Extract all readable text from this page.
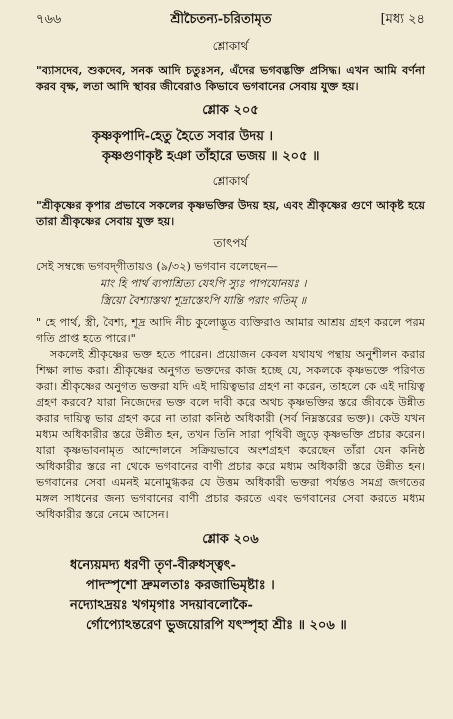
৭৬৬	শ্রীচৈতন্য-চরিতামৃত	[মধ্য ২৪
শ্লোকার্থ
"ব্যাসদেব, শুকদেব, সনক আদি চতুঃসন, এঁদের ভগবদ্ভক্তি প্রসিদ্ধ। এখন আমি বর্ণনা করব বৃক্ষ, লতা আদি স্থাবর জীবেরাও কিভাবে ভগবানের সেবায় যুক্ত হয়।
শ্লোক ২০৫
কৃষ্ণকৃপাদি-হেতু হৈতে সবার উদয় ।
কৃষ্ণগুণাকৃষ্ট হঞা তাঁহারে ভজয় ॥ ২০৫ ॥
শ্লোকার্থ
"শ্রীকৃষ্ণের কৃপার প্রভাবে সকলের কৃষ্ণভক্তির উদয় হয়, এবং শ্রীকৃষ্ণের গুণে আকৃষ্ট হয়ে তারা শ্রীকৃষ্ণের সেবায় যুক্ত হয়।
তাৎপর্য
সেই সম্বন্ধে ভগবদ্‌গীতায়ও (৯/৩২) ভগবান বলেছেন—
মাং হি পার্থ ব্যপাশ্রিত্য যেঽপি স্যুঃ পাপযোনয়ঃ ।
স্ত্রিয়ো বৈশ্যাস্তথা শূদ্রাস্তেঽপি যান্তি পরাং গতিম্ ॥
" হে পার্থ, স্ত্রী, বৈশ্য, শূদ্র আদি নীচ কুলোদ্ভূত ব্যক্তিরাও আমার আশ্রয় গ্রহণ করলে পরম গতি প্রাপ্ত হতে পারে।"
সকলেই শ্রীকৃষ্ণের ভক্ত হতে পারেন। প্রয়োজন কেবল যথাযথ পন্থায় অনুশীলন করার শিক্ষা লাভ করা। শ্রীকৃষ্ণের অনুগত ভক্তদের কাজ হচ্ছে যে, সকলকে কৃষ্ণভক্তে পরিণত করা। শ্রীকৃষ্ণের অনুগত ভক্তরা যদি এই দায়িত্বভার গ্রহণ না করেন, তাহলে কে এই দায়িত্ব গ্রহণ করবে? যারা নিজেদের ভক্ত বলে দাবী করে অথচ কৃষ্ণভক্তির স্তরে জীবকে উন্নীত করার দায়িত্ব ভার গ্রহণ করে না তারা কনিষ্ঠ অধিকারী (সর্ব নিম্নস্তরের ভক্ত)। কেউ যখন মধ্যম অধিকারীর স্তরে উন্নীত হন, তখন তিনি সারা পৃথিবী জুড়ে কৃষ্ণভক্তি প্রচার করেন। যারা কৃষ্ণভাবনামৃত আন্দোলনে সক্রিয়ভাবে অংশগ্রহণ করেছেন তাঁরা যেন কনিষ্ঠ অধিকারীর স্তরে না থেকে ভগবানের বাণী প্রচার করে মধ্যম অধিকারী স্তরে উন্নীত হন। ভগবানের সেবা এমনই মনোমুগ্ধকর যে উত্তম অধিকারী ভক্তরা পর্যন্তও সমগ্র জগতের মঙ্গল সাধনের জন্য ভগবানের বাণী প্রচার করতে এবং ভগবানের সেবা করতে মধ্যম অধিকারীর স্তরে নেমে আসেন।
শ্লোক ২০৬
ধন্যেয়মদ্য ধরণী তৃণ-বীরুধস্ত্বৎ-
পাদস্পৃশো দ্রুমলতাঃ করজাভিমৃষ্টাঃ ।
নদ্যোঽদ্রয়ঃ খগমৃগাঃ সদয়াবলোকৈ-
র্গোপ্যোঽন্তরেণ ভুজয়োরপি যৎস্পৃহা শ্রীঃ ॥ ২০৬ ॥
